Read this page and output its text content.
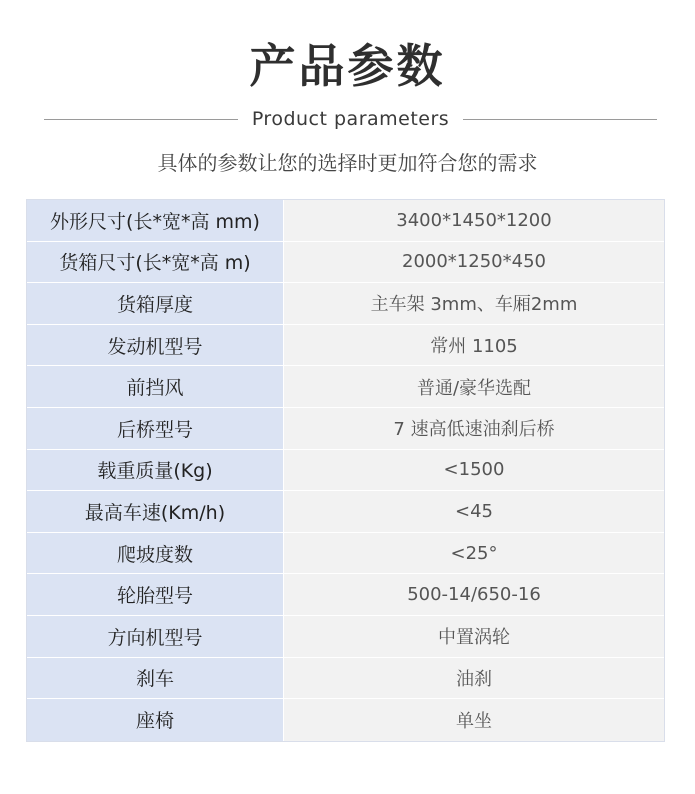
产品参数
Product parameters
具体的参数让您的选择时更加符合您的需求
外形尺寸(长*宽*高 mm)	3400*1450*1200
货箱尺寸(长*宽*高 m)	2000*1250*450
货箱厚度	主车架 3mm、车厢2mm
发动机型号	常州 1105
前挡风	普通/豪华选配
后桥型号	7 速高低速油刹后桥
载重质量(Kg)	<1500
最高车速(Km/h)	<45
爬坡度数	<25°
轮胎型号	500-14/650-16
方向机型号	中置涡轮
刹车	油刹
座椅	单坐
